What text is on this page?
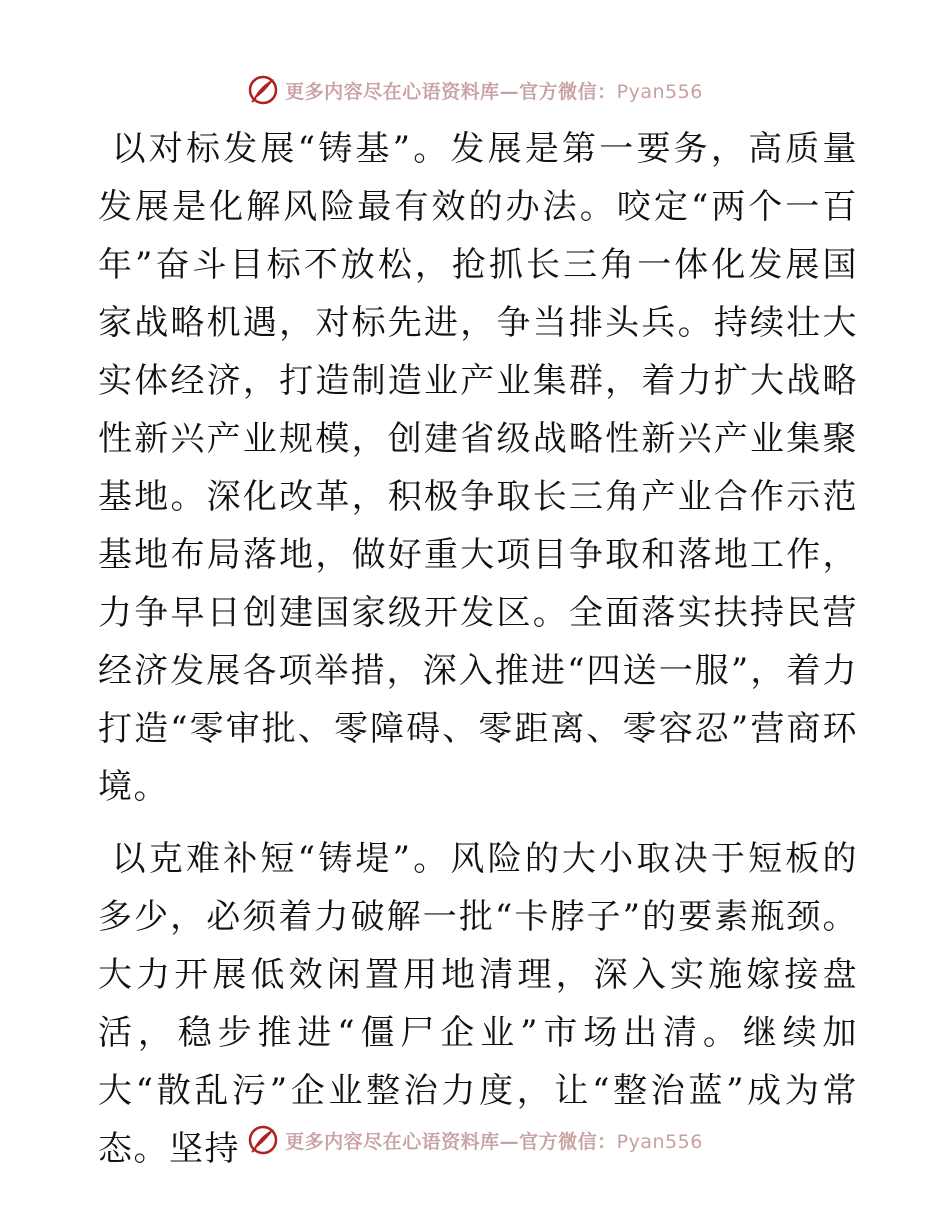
更多内容尽在心语资料库—官方微信：Pyan556

以对标发展“铸基”。发展是第一要务，高质量发展是化解风险最有效的办法。咬定“两个一百年”奋斗目标不放松，抢抓长三角一体化发展国家战略机遇，对标先进，争当排头兵。持续壮大实体经济，打造制造业产业集群，着力扩大战略性新兴产业规模，创建省级战略性新兴产业集聚基地。深化改革，积极争取长三角产业合作示范基地布局落地，做好重大项目争取和落地工作，力争早日创建国家级开发区。全面落实扶持民营经济发展各项举措，深入推进“四送一服”，着力打造“零审批、零障碍、零距离、零容忍”营商环境。

以克难补短“铸堤”。风险的大小取决于短板的多少，必须着力破解一批“卡脖子”的要素瓶颈。大力开展低效闲置用地清理，深入实施嫁接盘活，稳步推进“僵尸企业”市场出清。继续加大“散乱污”企业整治力度，让“整治蓝”成为常态。坚持	更多内容尽在心语资料库—官方微信：Pyan556
